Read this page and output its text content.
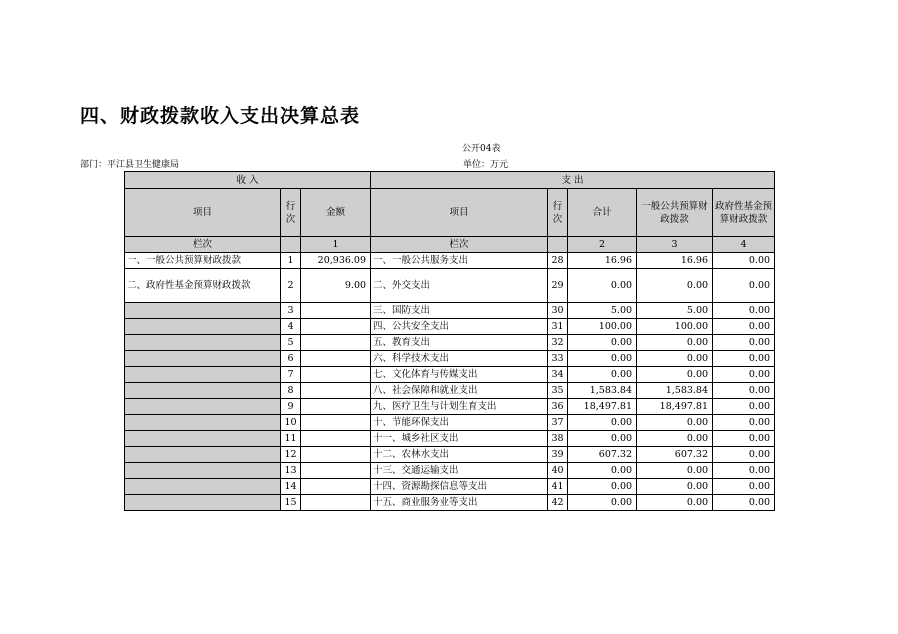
四、财政拨款收入支出决算总表
公开04表
部门：平江县卫生健康局	单位：万元
收 入			支 出				
项目	行次	金额	项目	行次	合计	一般公共预算财政拨款	政府性基金预算财政拨款
栏次		1	栏次		2	3	4
一、一般公共预算财政拨款	1	20,936.09	一、一般公共服务支出	28	16.96	16.96	0.00
二、政府性基金预算财政拨款	2	9.00	二、外交支出	29	0.00	0.00	0.00
	3		三、国防支出	30	5.00	5.00	0.00
	4		四、公共安全支出	31	100.00	100.00	0.00
	5		五、教育支出	32	0.00	0.00	0.00
	6		六、科学技术支出	33	0.00	0.00	0.00
	7		七、文化体育与传媒支出	34	0.00	0.00	0.00
	8		八、社会保障和就业支出	35	1,583.84	1,583.84	0.00
	9		九、医疗卫生与计划生育支出	36	18,497.81	18,497.81	0.00
	10		十、节能环保支出	37	0.00	0.00	0.00
	11		十一、城乡社区支出	38	0.00	0.00	0.00
	12		十二、农林水支出	39	607.32	607.32	0.00
	13		十三、交通运输支出	40	0.00	0.00	0.00
	14		十四、资源勘探信息等支出	41	0.00	0.00	0.00
	15		十五、商业服务业等支出	42	0.00	0.00	0.00
